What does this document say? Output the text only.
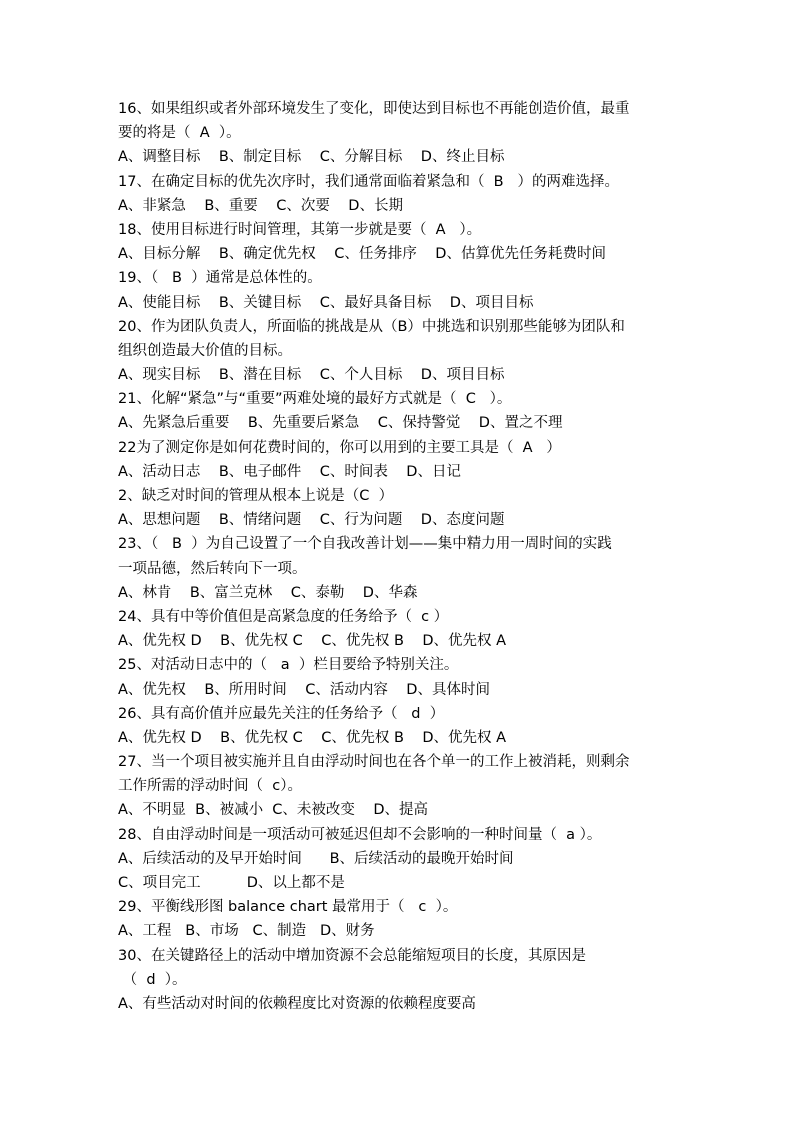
16、如果组织或者外部环境发生了变化，即使达到目标也不再能创造价值，最重
要的将是（  A  ）。
A、调整目标    B、制定目标    C、分解目标    D、终止目标
17、在确定目标的优先次序时，我们通常面临着紧急和（  B   ）的两难选择。
A、非紧急    B、重要    C、次要    D、长期
18、使用目标进行时间管理，其第一步就是要（  A   ）。
A、目标分解    B、确定优先权    C、任务排序    D、估算优先任务耗费时间
19、（   B  ）通常是总体性的。
A、使能目标    B、关键目标    C、最好具备目标    D、项目目标
20、作为团队负责人，所面临的挑战是从（B）中挑选和识别那些能够为团队和
组织创造最大价值的目标。
A、现实目标    B、潜在目标    C、个人目标    D、项目目标
21、化解“紧急”与“重要”两难处境的最好方式就是（  C   ）。
A、先紧急后重要    B、先重要后紧急    C、保持警觉    D、置之不理
22为了测定你是如何花费时间的，你可以用到的主要工具是（  A   ）
A、活动日志    B、电子邮件    C、时间表    D、日记
2、缺乏对时间的管理从根本上说是（C  ）
A、思想问题    B、情绪问题    C、行为问题    D、态度问题
23、（   B  ）为自己设置了一个自我改善计划——集中精力用一周时间的实践
一项品德，然后转向下一项。
A、林肯    B、富兰克林    C、泰勒    D、华森
24、具有中等价值但是高紧急度的任务给予（  c ）
A、优先权 D    B、优先权 C    C、优先权 B    D、优先权 A
25、对活动日志中的（   a  ）栏目要给予特别关注。
A、优先权    B、所用时间    C、活动内容    D、具体时间
26、具有高价值并应最先关注的任务给予（   d  ）
A、优先权 D    B、优先权 C    C、优先权 B    D、优先权 A
27、当一个项目被实施并且自由浮动时间也在各个单一的工作上被消耗，则剩余
工作所需的浮动时间（  c）。
A、不明显  B、被减小  C、未被改变    D、提高
28、自由浮动时间是一项活动可被延迟但却不会影响的一种时间量（  a ）。
A、后续活动的及早开始时间      B、后续活动的最晚开始时间
C、项目完工          D、以上都不是
29、平衡线形图 balance chart 最常用于（   c  ）。
A、工程   B、市场   C、制造   D、财务
30、在关键路径上的活动中增加资源不会总能缩短项目的长度，其原因是
（  d  ）。
A、有些活动对时间的依赖程度比对资源的依赖程度要高
